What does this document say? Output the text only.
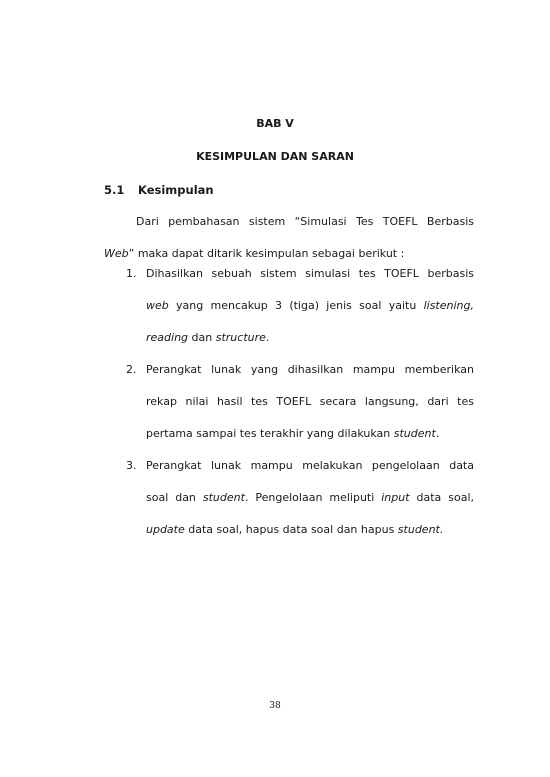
BAB V
KESIMPULAN DAN SARAN
5.1 Kesimpulan
Dari pembahasan sistem “Simulasi Tes TOEFL Berbasis
Web” maka dapat ditarik kesimpulan sebagai berikut :
1. Dihasilkan sebuah sistem simulasi tes TOEFL berbasis
web yang mencakup 3 (tiga) jenis soal yaitu listening,
reading dan structure.
2. Perangkat lunak yang dihasilkan mampu memberikan
rekap nilai hasil tes TOEFL secara langsung, dari tes
pertama sampai tes terakhir yang dilakukan student.
3. Perangkat lunak mampu melakukan pengelolaan data
soal dan student. Pengelolaan meliputi input data soal,
update data soal, hapus data soal dan hapus student.
38
